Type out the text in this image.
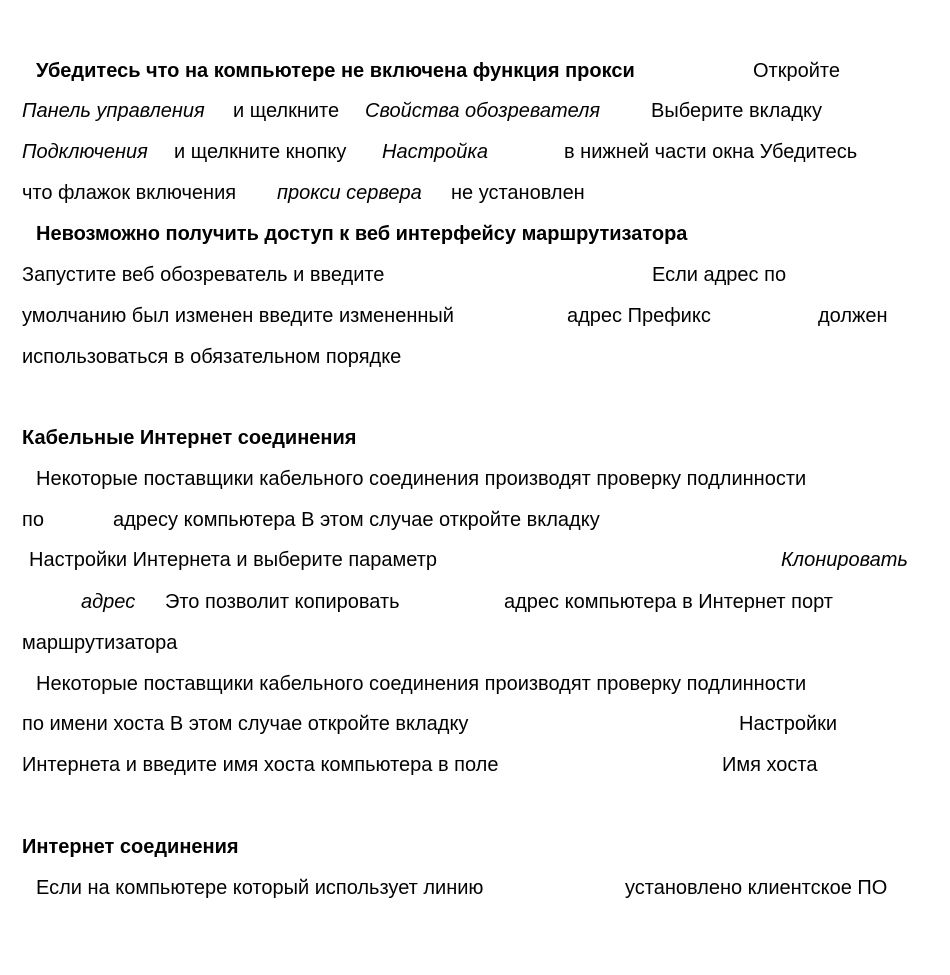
Убедитесь что на компьютере не включена функция прокси	Откройте
Панель управления и щелкните Свойства обозревателя	Выберите вкладку
Подключения и щелкните кнопку Настройка	в нижней части окна Убедитесь
что флажок включения прокси сервера не установлен
Невозможно получить доступ к веб интерфейсу маршрутизатора
Запустите веб обозреватель и введите	Если адрес по
умолчанию был изменен введите измененный	адрес Префикс	должен
использоваться в обязательном порядке
Кабельные Интернет соединения
Некоторые поставщики кабельного соединения производят проверку подлинности
по	адресу компьютера В этом случае откройте вкладку
Настройки Интернета и выберите параметр	Клонировать
адрес Это позволит копировать	адрес компьютера в Интернет порт
маршрутизатора
Некоторые поставщики кабельного соединения производят проверку подлинности
по имени хоста В этом случае откройте вкладку	Настройки
Интернета и введите имя хоста компьютера в поле	Имя хоста
Интернет соединения
Если на компьютере который использует линию	установлено клиентское ПО
